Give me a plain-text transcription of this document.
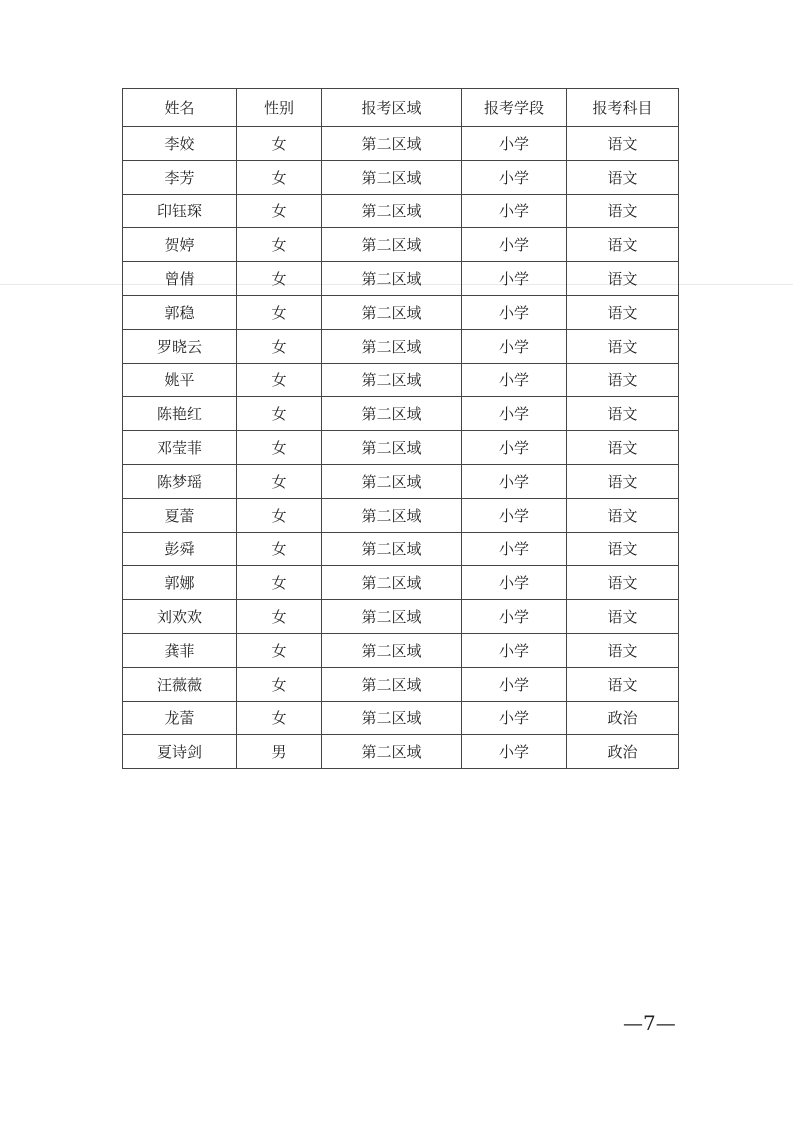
姓名	性别	报考区域	报考学段	报考科目
李姣	女	第二区域	小学	语文
李芳	女	第二区域	小学	语文
印钰琛	女	第二区域	小学	语文
贺婷	女	第二区域	小学	语文
曾倩	女	第二区域	小学	语文
郭稳	女	第二区域	小学	语文
罗晓云	女	第二区域	小学	语文
姚平	女	第二区域	小学	语文
陈艳红	女	第二区域	小学	语文
邓莹菲	女	第二区域	小学	语文
陈梦瑶	女	第二区域	小学	语文
夏蕾	女	第二区域	小学	语文
彭舜	女	第二区域	小学	语文
郭娜	女	第二区域	小学	语文
刘欢欢	女	第二区域	小学	语文
龚菲	女	第二区域	小学	语文
汪薇薇	女	第二区域	小学	语文
龙蕾	女	第二区域	小学	政治
夏诗剑	男	第二区域	小学	政治
—7—
